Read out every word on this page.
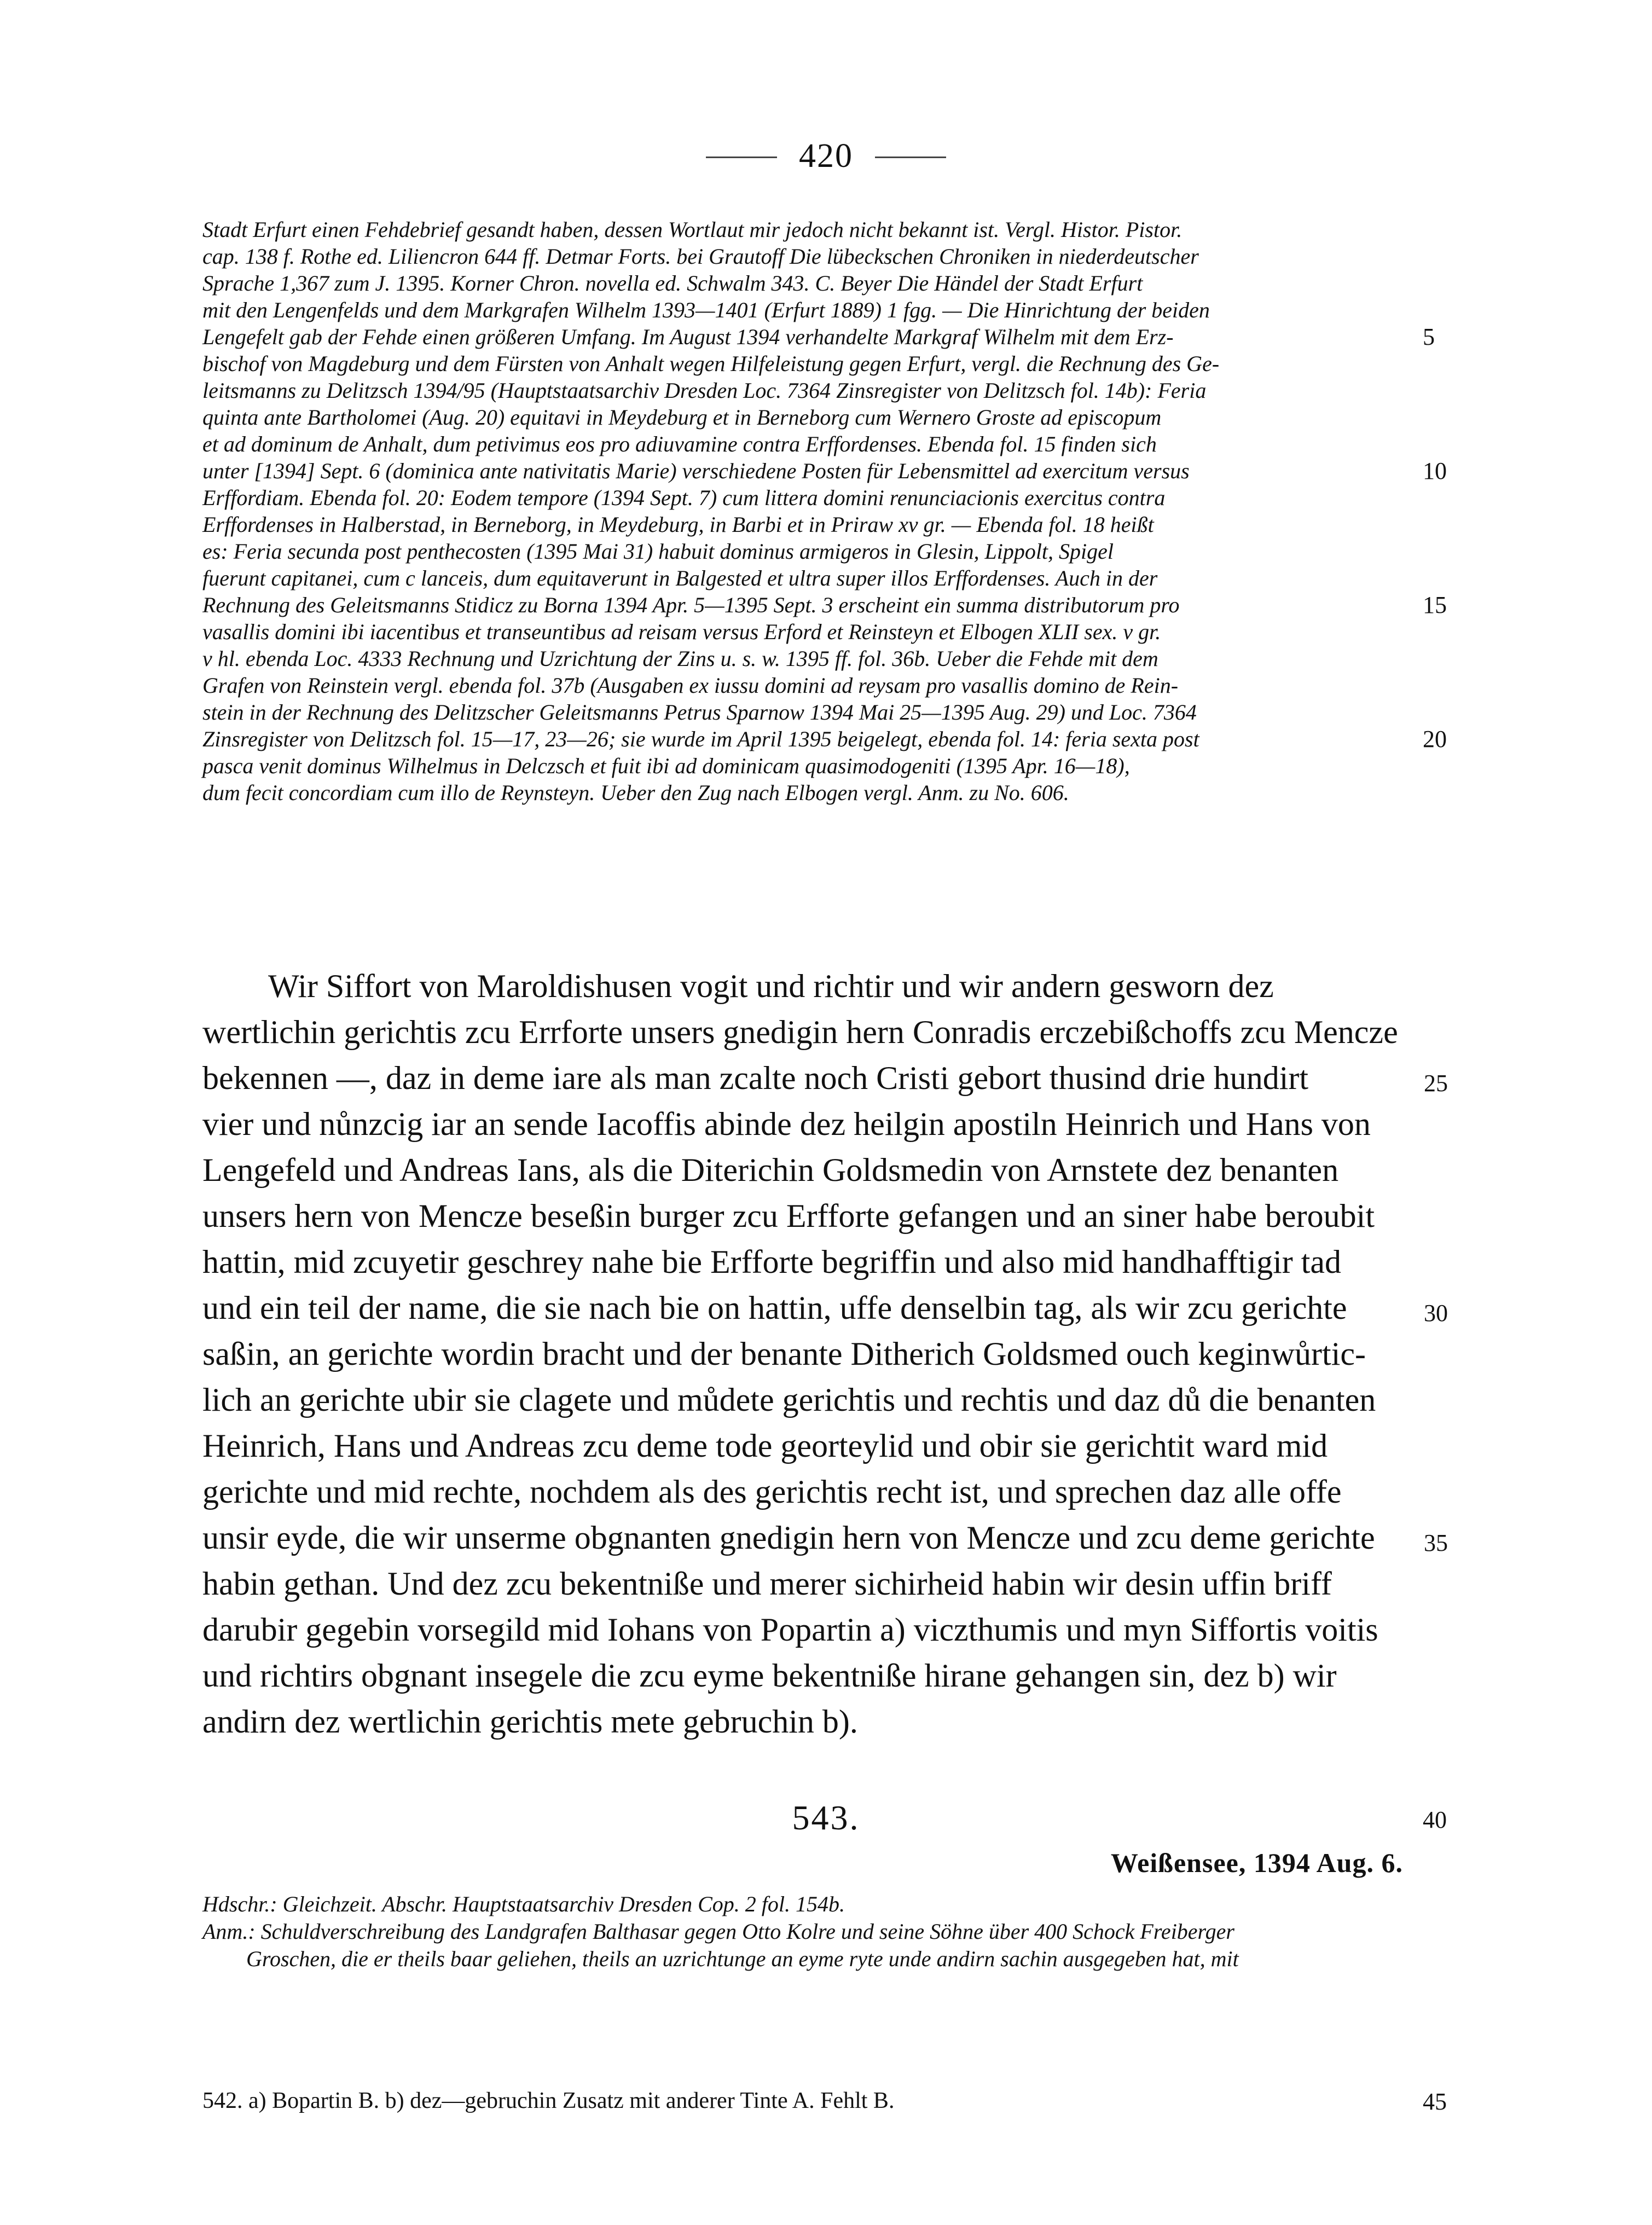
420
Stadt Erfurt einen Fehdebrief gesandt haben, dessen Wortlaut mir jedoch nicht bekannt ist. Vergl. Histor. Pistor.
cap. 138 f. Rothe ed. Liliencron 644 ff. Detmar Forts. bei Grautoff Die lübeckschen Chroniken in niederdeutscher
Sprache 1,367 zum J. 1395. Korner Chron. novella ed. Schwalm 343. C. Beyer Die Händel der Stadt Erfurt
mit den Lengenfelds und dem Markgrafen Wilhelm 1393—1401 (Erfurt 1889) 1 fgg. — Die Hinrichtung der beiden
Lengefelt gab der Fehde einen größeren Umfang. Im August 1394 verhandelte Markgraf Wilhelm mit dem Erz-	5
bischof von Magdeburg und dem Fürsten von Anhalt wegen Hilfeleistung gegen Erfurt, vergl. die Rechnung des Ge-
leitsmanns zu Delitzsch 1394/95 (Hauptstaatsarchiv Dresden Loc. 7364 Zinsregister von Delitzsch fol. 14b): Feria
quinta ante Bartholomei (Aug. 20) equitavi in Meydeburg et in Berneborg cum Wernero Groste ad episcopum
et ad dominum de Anhalt, dum petivimus eos pro adiuvamine contra Erffordenses. Ebenda fol. 15 finden sich
unter [1394] Sept. 6 (dominica ante nativitatis Marie) verschiedene Posten für Lebensmittel ad exercitum versus	10
Erffordiam. Ebenda fol. 20: Eodem tempore (1394 Sept. 7) cum littera domini renunciacionis exercitus contra
Erffordenses in Halberstad, in Berneborg, in Meydeburg, in Barbi et in Priraw xv gr. — Ebenda fol. 18 heißt
es: Feria secunda post penthecosten (1395 Mai 31) habuit dominus armigeros in Glesin, Lippolt, Spigel
fuerunt capitanei, cum c lanceis, dum equitaverunt in Balgested et ultra super illos Erffordenses. Auch in der
Rechnung des Geleitsmanns Stidicz zu Borna 1394 Apr. 5—1395 Sept. 3 erscheint ein summa distributorum pro	15
vasallis domini ibi iacentibus et transeuntibus ad reisam versus Erford et Reinsteyn et Elbogen XLII sex. v gr.
v hl. ebenda Loc. 4333 Rechnung und Uzrichtung der Zins u. s. w. 1395 ff. fol. 36b. Ueber die Fehde mit dem
Grafen von Reinstein vergl. ebenda fol. 37b (Ausgaben ex iussu domini ad reysam pro vasallis domino de Rein-
stein in der Rechnung des Delitzscher Geleitsmanns Petrus Sparnow 1394 Mai 25—1395 Aug. 29) und Loc. 7364
Zinsregister von Delitzsch fol. 15—17, 23—26; sie wurde im April 1395 beigelegt, ebenda fol. 14: feria sexta post	20
pasca venit dominus Wilhelmus in Delczsch et fuit ibi ad dominicam quasimodogeniti (1395 Apr. 16—18),
dum fecit concordiam cum illo de Reynsteyn. Ueber den Zug nach Elbogen vergl. Anm. zu No. 606.
Wir Siffort von Maroldishusen vogit und richtir und wir andern gesworn dez
wertlichin gerichtis zcu Errforte unsers gnedigin hern Conradis erczebißchoffs zcu Mencze
bekennen —, daz in deme iare als man zcalte noch Cristi gebort thusind drie hundirt	25
vier und nůnzcig iar an sende Iacoffis abinde dez heilgin apostiln Heinrich und Hans von
Lengefeld und Andreas Ians, als die Diterichin Goldsmedin von Arnstete dez benanten
unsers hern von Mencze beseßin burger zcu Erfforte gefangen und an siner habe beroubit
hattin, mid zcuyetir geschrey nahe bie Erfforte begriffin und also mid handhafftigir tad
und ein teil der name, die sie nach bie on hattin, uffe denselbin tag, als wir zcu gerichte	30
saßin, an gerichte wordin bracht und der benante Ditherich Goldsmed ouch keginwůrtic-
lich an gerichte ubir sie clagete und můdete gerichtis und rechtis und daz dů die benanten
Heinrich, Hans und Andreas zcu deme tode georteylid und obir sie gerichtit ward mid
gerichte und mid rechte, nochdem als des gerichtis recht ist, und sprechen daz alle offe
unsir eyde, die wir unserme obgnanten gnedigin hern von Mencze und zcu deme gerichte 35
habin gethan. Und dez zcu bekentniße und merer sichirheid habin wir desin uffin briff
darubir gegebin vorsegild mid Iohans von Popartin a) viczthumis und myn Siffortis voitis
und richtirs obgnant insegele die zcu eyme bekentniße hirane gehangen sin, dez b) wir
andirn dez wertlichin gerichtis mete gebruchin b).
543.	40
Weißensee, 1394 Aug. 6.
Hdschr.: Gleichzeit. Abschr. Hauptstaatsarchiv Dresden Cop. 2 fol. 154b.
Anm.: Schuldverschreibung des Landgrafen Balthasar gegen Otto Kolre und seine Söhne über 400 Schock Freiberger
Groschen, die er theils baar geliehen, theils an uzrichtunge an eyme ryte unde andirn sachin ausgegeben hat, mit
542. a) Bopartin B. b) dez—gebruchin Zusatz mit anderer Tinte A. Fehlt B.	45
